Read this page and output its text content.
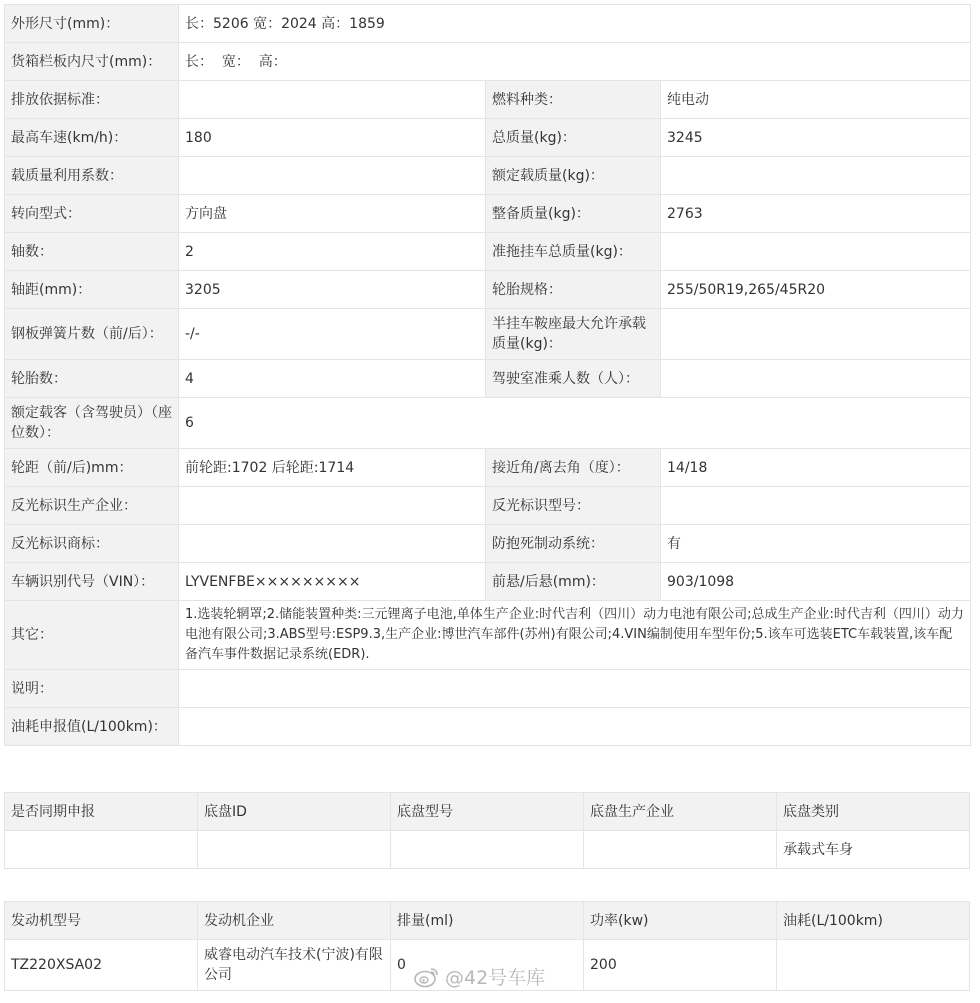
外形尺寸(mm)：	长：5206 宽：2024 高：1859		
货箱栏板内尺寸(mm)：	长：  宽：  高：		
排放依据标准：		燃料种类：	纯电动
最高车速(km/h)：	180	总质量(kg)：	3245
载质量利用系数：		额定载质量(kg)：	
转向型式：	方向盘	整备质量(kg)：	2763
轴数：	2	准拖挂车总质量(kg)：	
轴距(mm)：	3205	轮胎规格：	255/50R19,265/45R20
钢板弹簧片数（前/后）：	-/-	半挂车鞍座最大允许承载质量(kg)：	
轮胎数：	4	驾驶室准乘人数（人）：	
额定载客（含驾驶员）（座位数）：	6		
轮距（前/后)mm：	前轮距:1702 后轮距:1714	接近角/离去角（度）：	14/18
反光标识生产企业：		反光标识型号：	
反光标识商标：		防抱死制动系统：	有
车辆识别代号（VIN）：	LYVENFBE×××××××××	前悬/后悬(mm)：	903/1098
其它：	1.选装轮辋罩;2.储能装置种类:三元锂离子电池,单体生产企业:时代吉利（四川）动力电池有限公司;总成生产企业:时代吉利（四川）动力电池有限公司;3.ABS型号:ESP9.3,生产企业:博世汽车部件(苏州)有限公司;4.VIN编制使用车型年份;5.该车可选装ETC车载装置,该车配备汽车事件数据记录系统(EDR).		
说明：			
油耗申报值(L/100km)：			
是否同期申报	底盘ID	底盘型号	底盘生产企业	底盘类别
				承载式车身
发动机型号	发动机企业	排量(ml)	功率(kw)	油耗(L/100km)
TZ220XSA02	威睿电动汽车技术(宁波)有限公司	0	200	
@42号车库
